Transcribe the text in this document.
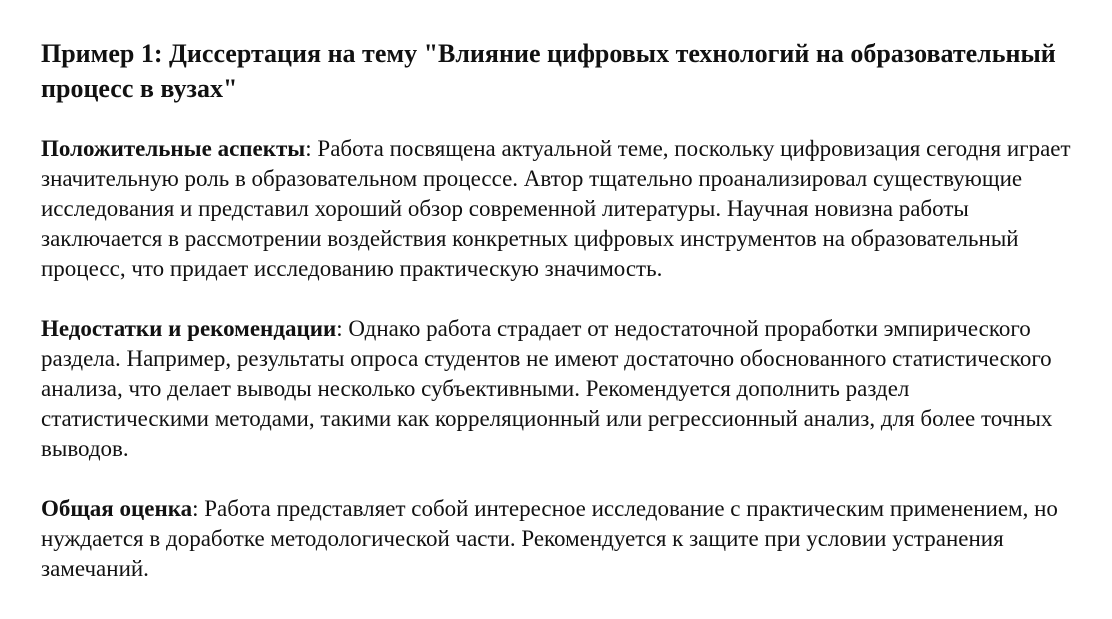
Пример 1: Диссертация на тему "Влияние цифровых технологий на образовательный процесс в вузах"

Положительные аспекты: Работа посвящена актуальной теме, поскольку цифровизация сегодня играет значительную роль в образовательном процессе. Автор тщательно проанализировал существующие исследования и представил хороший обзор современной литературы. Научная новизна работы заключается в рассмотрении воздействия конкретных цифровых инструментов на образовательный процесс, что придает исследованию практическую значимость.

Недостатки и рекомендации: Однако работа страдает от недостаточной проработки эмпирического раздела. Например, результаты опроса студентов не имеют достаточно обоснованного статистического анализа, что делает выводы несколько субъективными. Рекомендуется дополнить раздел статистическими методами, такими как корреляционный или регрессионный анализ, для более точных выводов.

Общая оценка: Работа представляет собой интересное исследование с практическим применением, но нуждается в доработке методологической части. Рекомендуется к защите при условии устранения замечаний.
